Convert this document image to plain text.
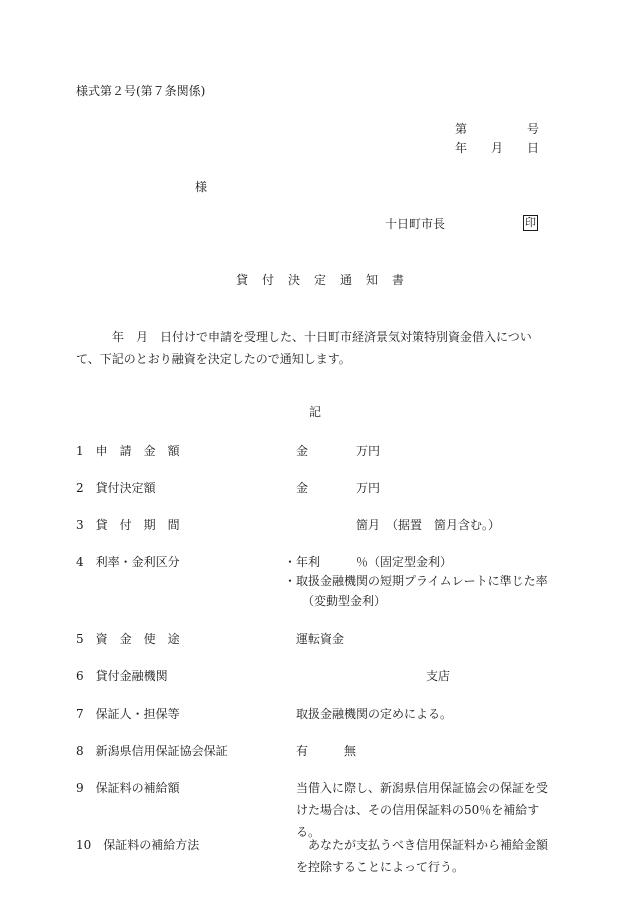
様式第２号(第７条関係)
第	号
年 月 日
様
十日町市長	印
貸　付　決　定　通　知　書
　年　月　日付けで申請を受理した、十日町市経済景気対策特別資金借入について、下記のとおり融資を決定したので通知します。
記
1　申　請　金　額	金　　　　万円
2　貸付決定額	金　　　　万円
3　貸　付　期　間	箇月　（据置　箇月含む。）
4　利率・金利区分	・年利　　　％（固定型金利）
・取扱金融機関の短期プライムレートに準じた率
（変動型金利）
5　資　金　使　途	運転資金
6　貸付金融機関	支店
7　保証人・担保等	取扱金融機関の定めによる。
8　新潟県信用保証協会保証	有	無
9　保証料の補給額	当借入に際し、新潟県信用保証協会の保証を受けた場合は、その信用保証料の50％を補給する。
10　保証料の補給方法	　あなたが支払うべき信用保証料から補給金額を控除することによって行う。
